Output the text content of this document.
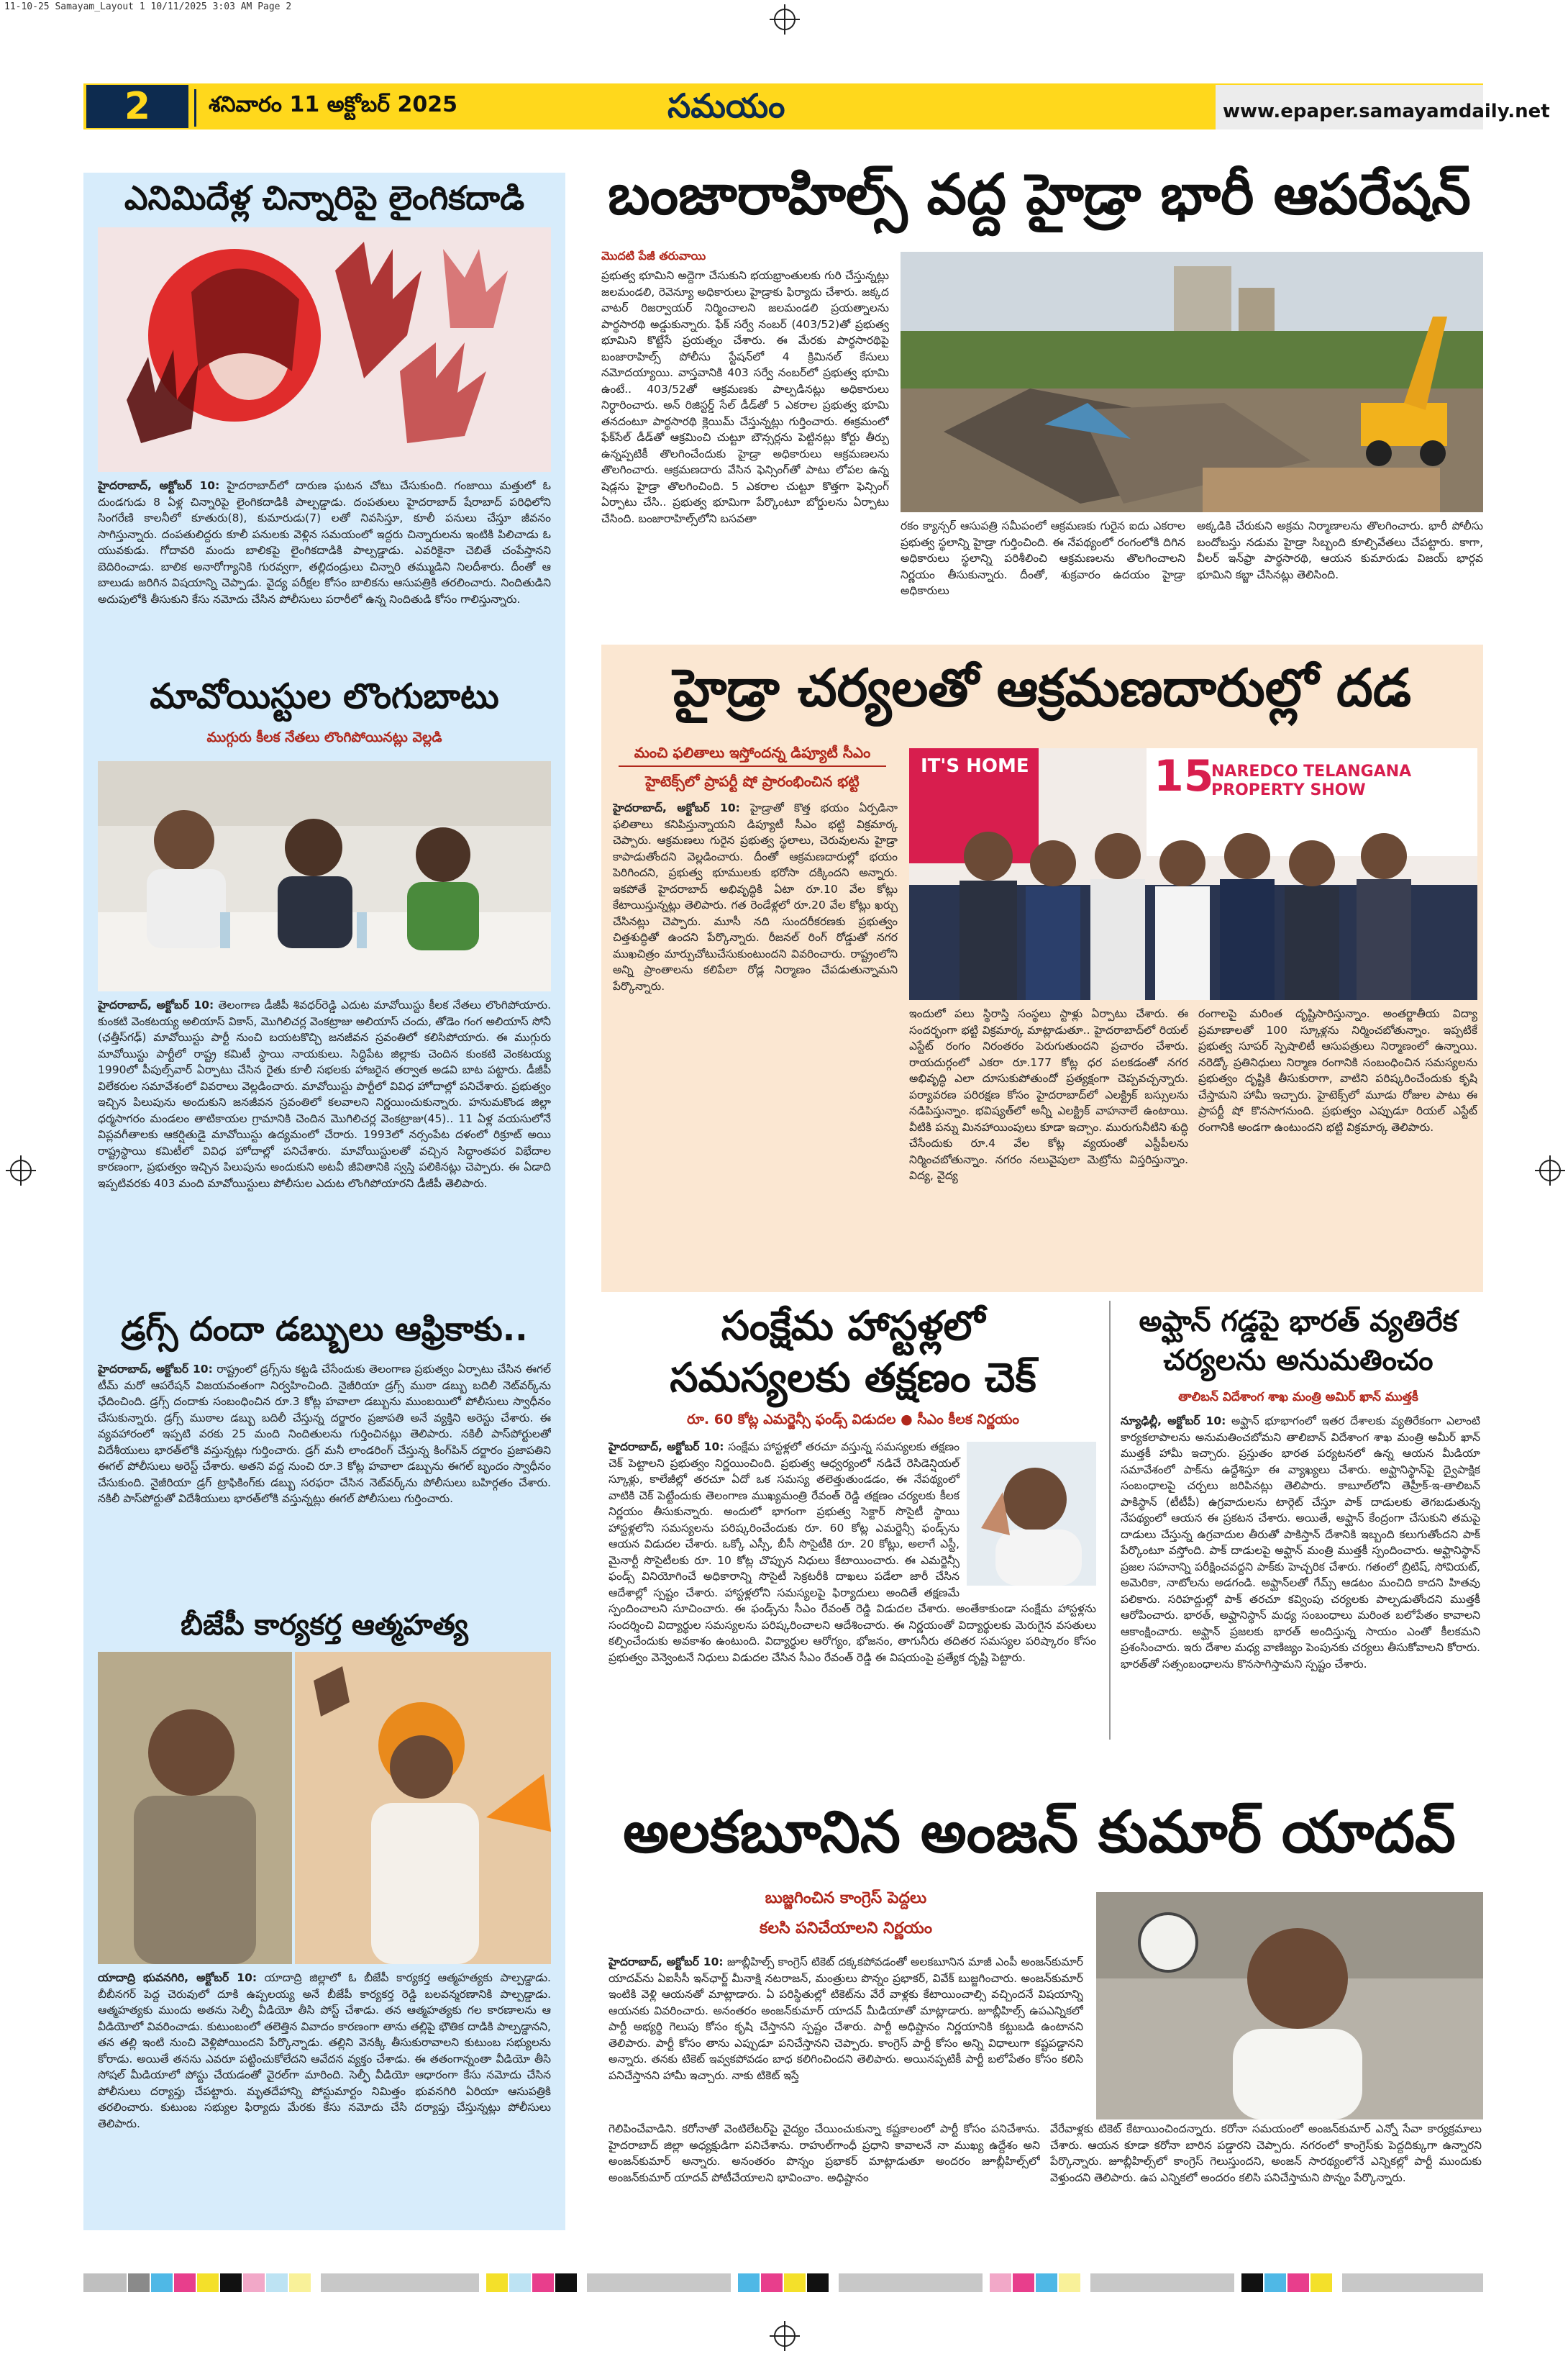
11-10-25 Samayam_Layout 1 10/11/2025 3:03 AM Page 2
2	శనివారం 11 అక్టోబర్ 2025	సమయం	www.epaper.samayamdaily.net
ఎనిమిదేళ్ల చిన్నారిపై లైంగికదాడి
హైదరాబాద్, అక్టోబర్ 10: హైదరాబాద్‌లో దారుణ ఘటన చోటు చేసుకుంది. గంజాయి మత్తులో ఓ దుండగుడు 8 ఏళ్ల చిన్నారిపై లైంగికదాడికి పాల్పడ్డాడు. దంపతులు హైదరాబాద్ షేరాబాద్ పరిధిలోని సింగరేణి కాలనీలో కూతురు(8), కుమారుడు(7) లతో నివసిస్తూ, కూలీ పనులు చేస్తూ జీవనం సాగిస్తున్నారు. దంపతులిద్దరు కూలీ పనులకు వెళ్లిన సమయంలో ఇద్దరు చిన్నారులను ఇంటికి పిలిచాడు ఓ యువకుడు. గోదావరి మందు బాలికపై లైంగికదాడికి పాల్పడ్డాడు. ఎవరికైనా చెబితే చంపేస్తానని బెదిరించాడు. బాలిక అనారోగ్యానికి గురవ్వగా, తల్లిదండ్రులు చిన్నారి తమ్ముడిని నిలదీశారు. దీంతో ఆ బాలుడు జరిగిన విషయాన్ని చెప్పాడు. వైద్య పరీక్షల కోసం బాలికను ఆసుపత్రికి తరలించారు. నిందితుడిని అదుపులోకి తీసుకుని కేసు నమోదు చేసిన పోలీసులు పరారీలో ఉన్న నిందితుడి కోసం గాలిస్తున్నారు.
మావోయిస్టుల లొంగుబాటు
ముగ్గురు కీలక నేతలు లొంగిపోయినట్లు వెల్లడి
హైదరాబాద్, అక్టోబర్ 10: తెలంగాణ డీజీపీ శివధర్‌రెడ్డి ఎదుట మావోయిస్టు కీలక నేతలు లొంగిపోయారు. కుంకటి వెంకటయ్య అలియాస్ వికాస్, మొగిలిచర్ల వెంకట్రాజు అలియాస్ చందు, తోడెం గంగ అలియాస్ సోనీ (ఛత్తీస్‌గఢ్) మావోయిస్టు పార్టీ నుంచి బయటకొచ్చి జనజీవన స్రవంతిలో కలిసిపోయారు. ఈ ముగ్గురు మావోయిస్టు పార్టీలో రాష్ట్ర కమిటీ స్థాయి నాయకులు. సిద్ధిపేట జిల్లాకు చెందిన కుంకటి వెంకటయ్య 1990లో పీపుల్స్‌వార్ ఏర్పాటు చేసిన రైతు కూలీ సభలకు హాజరైన తర్వాత అడవి బాట పట్టారు. డీజీపీ విలేకరుల సమావేశంలో వివరాలు వెల్లడించారు. మావోయిస్టు పార్టీలో వివిధ హోదాల్లో పనిచేశారు. ప్రభుత్వం ఇచ్చిన పిలుపును అందుకుని జనజీవన స్రవంతిలో కలవాలని నిర్ణయించుకున్నారు. హనుమకొండ జిల్లా ధర్మసాగరం మండలం తాటికాయల గ్రామానికి చెందిన మొగిలిచర్ల వెంకట్రాజు(45).. 11 ఏళ్ల వయసులోనే విప్లవగీతాలకు ఆకర్షితుడై మావోయిస్టు ఉద్యమంలో చేరారు. 1993లో నర్సంపేట దళంలో రిక్రూట్ అయి రాష్ట్రస్థాయి కమిటీలో వివిధ హోదాల్లో పనిచేశారు. మావోయిస్టులతో వచ్చిన సిద్ధాంతపర విభేదాల కారణంగా, ప్రభుత్వం ఇచ్చిన పిలుపును అందుకుని అటవీ జీవితానికి స్వస్తి పలికినట్లు చెప్పారు. ఈ ఏడాది ఇప్పటివరకు 403 మంది మావోయిస్టులు పోలీసుల ఎదుట లొంగిపోయారని డీజీపీ తెలిపారు.
డ్రగ్స్ దందా డబ్బులు ఆఫ్రికాకు..
హైదరాబాద్, అక్టోబర్ 10: రాష్ట్రంలో డ్రగ్స్‌ను కట్టడి చేసేందుకు తెలంగాణ ప్రభుత్వం ఏర్పాటు చేసిన ఈగల్ టీమ్ మరో ఆపరేషన్ విజయవంతంగా నిర్వహించింది. నైజీరియా డ్రగ్స్ ముఠా డబ్బు బదిలీ నెట్‌వర్క్‌ను ఛేదించింది. డ్రగ్స్ దందాకు సంబంధించిన రూ.3 కోట్ల హవాలా డబ్బును ముంబయిలో పోలీసులు స్వాధీనం చేసుకున్నారు. డ్రగ్స్ ముఠాల డబ్బు బదిలీ చేస్తున్న దర్జారం ప్రజాపతి అనే వ్యక్తిని అరెస్టు చేశారు. ఈ వ్యవహారంలో ఇప్పటి వరకు 25 మంది నిందితులను గుర్తించినట్లు తెలిపారు. నకిలీ పాస్‌పోర్టులతో విదేశీయులు భారత్‌లోకి వస్తున్నట్లు గుర్తించారు. డ్రగ్ మనీ లాండరింగ్ చేస్తున్న కింగ్‌పిన్ దర్జారం ప్రజాపతిని ఈగల్ పోలీసులు అరెస్ట్ చేశారు. అతని వద్ద నుంచి రూ.3 కోట్ల హవాలా డబ్బును ఈగల్ బృందం స్వాధీనం చేసుకుంది. నైజీరియా డ్రగ్ ట్రాఫికింగ్‌కు డబ్బు సరఫరా చేసిన నెట్‌వర్క్‌ను పోలీసులు బహిర్గతం చేశారు. నకిలీ పాస్‌పోర్టుతో విదేశీయులు భారత్‌లోకి వస్తున్నట్లు ఈగల్ పోలీసులు గుర్తించారు.
బీజేపీ కార్యకర్త ఆత్మహత్య
యాదాద్రి భువనగిరి, అక్టోబర్ 10: యాదాద్రి జిల్లాలో ఓ బీజేపీ కార్యకర్త ఆత్మహత్యకు పాల్పడ్డాడు. బీబీనగర్ పెద్ద చెరువులో దూకి ఉప్పలయ్య అనే బీజేపీ కార్యకర్త రెడ్డి బలవన్మరణానికి పాల్పడ్డాడు. ఆత్మహత్యకు ముందు అతను సెల్ఫీ వీడియో తీసి పోస్ట్ చేశాడు. తన ఆత్మహత్యకు గల కారణాలను ఆ వీడియోలో వివరించాడు. కుటుంబంలో తలెత్తిన వివాదం కారణంగా తాను తల్లిపై భౌతిక దాడికి పాల్పడ్డానని, తన తల్లి ఇంటి నుంచి వెళ్లిపోయిందని పేర్కొన్నాడు. తల్లిని వెనక్కి తీసుకురావాలని కుటుంబ సభ్యులను కోరాడు. అయితే తనను ఎవరూ పట్టించుకోలేదని ఆవేదన వ్యక్తం చేశాడు. ఈ తతంగాన్నంతా వీడియో తీసి సోషల్ మీడియాలో పోస్టు చేయడంతో వైరల్‌గా మారింది. సెల్ఫీ వీడియో ఆధారంగా కేసు నమోదు చేసిన పోలీసులు దర్యాప్తు చేపట్టారు. మృతదేహాన్ని పోస్టుమార్టం నిమిత్తం భువనగిరి ఏరియా ఆసుపత్రికి తరలించారు. కుటుంబ సభ్యుల ఫిర్యాదు మేరకు కేసు నమోదు చేసి దర్యాప్తు చేస్తున్నట్లు పోలీసులు తెలిపారు.
బంజారాహిల్స్ వద్ద హైడ్రా భారీ ఆపరేషన్
మొదటి పేజీ తరువాయి
ప్రభుత్వ భూమిని అద్దెగా చేసుకుని భయభ్రాంతులకు గురి చేస్తున్నట్లు జలమండలి, రెవెన్యూ అధికారులు హైడ్రాకు ఫిర్యాదు చేశారు. జక్కద వాటర్ రిజర్వాయర్ నిర్మించాలని జలమండలి ప్రయత్నాలను పార్థసారథి అడ్డుకున్నారు. ఫేక్ సర్వే నంబర్ (403/52)తో ప్రభుత్వ భూమిని కొట్టేసే ప్రయత్నం చేశారు. ఈ మేరకు పార్థసారథిపై బంజారాహిల్స్ పోలీసు స్టేషన్‌లో 4 క్రిమినల్ కేసులు నమోదయ్యాయి. వాస్తవానికి 403 సర్వే నంబర్‌లో ప్రభుత్వ భూమి ఉంటే.. 403/52తో ఆక్రమణకు పాల్పడినట్లు అధికారులు నిర్ధారించారు. అన్ రిజిస్టర్డ్ సేల్ డీడ్‌తో 5 ఎకరాల ప్రభుత్వ భూమి తనదంటూ పార్థసారథి క్లెయిమ్ చేస్తున్నట్లు గుర్తించారు. ఈక్రమంలో ఫేక్‌సేల్ డీడ్‌తో ఆక్రమించి చుట్టూ బౌన్సర్లను పెట్టినట్లు కోర్టు తీర్పు ఉన్నప్పటికీ తొలగించేందుకు హైడ్రా అధికారులు ఆక్రమణలను తొలగించారు. ఆక్రమణదారు వేసిన ఫెన్సింగ్‌తో పాటు లోపల ఉన్న షెడ్లను హైడ్రా తొలగించింది. 5 ఎకరాల చుట్టూ కొత్తగా ఫెన్సింగ్ ఏర్పాటు చేసి.. ప్రభుత్వ భూమిగా పేర్కొంటూ బోర్డులను ఏర్పాటు చేసింది. బంజారాహిల్స్‌లోని బసవతా
రకం క్యాన్సర్ ఆసుపత్రి సమీపంలో ఆక్రమణకు గురైన ఐదు ఎకరాల ప్రభుత్వ స్థలాన్ని హైడ్రా గుర్తించింది. ఈ నేపథ్యంలో రంగంలోకి దిగిన అధికారులు స్థలాన్ని పరిశీలించి ఆక్రమణలను తొలగించాలని నిర్ణయం తీసుకున్నారు. దీంతో, శుక్రవారం ఉదయం హైడ్రా అధికారులు
అక్కడికి చేరుకుని అక్రమ నిర్మాణాలను తొలగించారు. భారీ పోలీసు బందోబస్తు నడుమ హైడ్రా సిబ్బంది కూల్చివేతలు చేపట్టారు. కాగా, వీలర్ ఇన్‌ఫ్రా పార్థసారథి, ఆయన కుమారుడు విజయ్ భార్గవ భూమిని కబ్జా చేసినట్లు తెలిసింది.
హైడ్రా చర్యలతో ఆక్రమణదారుల్లో దడ
మంచి ఫలితాలు ఇస్తోందన్న డిప్యూటీ సీఎం
హైటెక్స్‌లో ప్రాపర్టీ షో ప్రారంభించిన భట్టి
హైదరాబాద్, అక్టోబర్ 10: హైడ్రాతో కొత్త భయం ఏర్పడినా ఫలితాలు కనిపిస్తున్నాయని డిప్యూటీ సీఎం భట్టి విక్రమార్క చెప్పారు. ఆక్రమణలు గురైన ప్రభుత్వ స్థలాలు, చెరువులను హైడ్రా కాపాడుతోందని వెల్లడించారు. దీంతో ఆక్రమణదారుల్లో భయం పెరిగిందని, ప్రభుత్వ భూములకు భరోసా దక్కిందని అన్నారు. ఇకపోతే హైదరాబాద్ అభివృద్ధికి ఏటా రూ.10 వేల కోట్లు కేటాయిస్తున్నట్లు తెలిపారు. గత రెండేళ్లలో రూ.20 వేల కోట్లు ఖర్చు చేసినట్లు చెప్పారు. మూసీ నది సుందరీకరణకు ప్రభుత్వం చిత్తశుద్ధితో ఉందని పేర్కొన్నారు. రీజనల్ రింగ్ రోడ్డుతో నగర ముఖచిత్రం మార్పుచోటుచేసుకుంటుందని వివరించారు. రాష్ట్రంలోని అన్ని ప్రాంతాలను కలిపేలా రోడ్ల నిర్మాణం చేపడుతున్నామని పేర్కొన్నారు.
IT'S HOME	15
NAREDCO TELANGANA PROPERTY SHOW
ఇందులో పలు స్థిరాస్తి సంస్థలు స్టాళ్లు ఏర్పాటు చేశారు. ఈ సందర్భంగా భట్టి విక్రమార్క మాట్లాడుతూ.. హైదరాబాద్‌లో రియల్ ఎస్టేట్ రంగం నిరంతరం పెరుగుతుందని ప్రచారం చేశారు. రాయదుర్గంలో ఎకరా రూ.177 కోట్ల ధర పలకడంతో నగర అభివృద్ధి ఎలా దూసుకుపోతుందో ప్రత్యక్షంగా చెప్పవచ్చన్నారు. పర్యావరణ పరిరక్షణ కోసం హైదరాబాద్‌లో ఎలక్ట్రిక్ బస్సులను నడిపిస్తున్నాం. భవిష్యత్‌లో అన్నీ ఎలక్ట్రిక్ వాహనాలే ఉంటాయి. వీటికి పన్ను మినహాయింపులు కూడా ఇచ్చాం. మురుగునీటిని శుద్ధి చేసేందుకు రూ.4 వేల కోట్ల వ్యయంతో ఎస్టీపీలను నిర్మించబోతున్నాం. నగరం నలువైపులా మెట్రోను విస్తరిస్తున్నాం. విద్య, వైద్య
రంగాలపై మరింత దృష్టిసారిస్తున్నాం. అంతర్జాతీయ విద్యా ప్రమాణాలతో 100 స్కూళ్లను నిర్మించబోతున్నాం. ఇప్పటికే ప్రభుత్వ సూపర్ స్పెషాలిటీ ఆసుపత్రులు నిర్మాణంలో ఉన్నాయి. నరెడ్కో ప్రతినిధులు నిర్మాణ రంగానికి సంబంధించిన సమస్యలను ప్రభుత్వం దృష్టికి తీసుకురాగా, వాటిని పరిష్కరించేందుకు కృషి చేస్తామని హామీ ఇచ్చారు. హైటెక్స్‌లో మూడు రోజుల పాటు ఈ ప్రాపర్టీ షో కొనసాగనుంది. ప్రభుత్వం ఎప్పుడూ రియల్ ఎస్టేట్ రంగానికి అండగా ఉంటుందని భట్టి విక్రమార్క తెలిపారు.
సంక్షేమ హాస్టళ్లలో
సమస్యలకు తక్షణం చెక్
రూ. 60 కోట్ల ఎమర్జెన్సీ ఫండ్స్ విడుదల ● సీఎం కీలక నిర్ణయం
హైదరాబాద్, అక్టోబర్ 10: సంక్షేమ హాస్టళ్లలో తరచూ వస్తున్న సమస్యలకు తక్షణం చెక్ పెట్టాలని ప్రభుత్వం నిర్ణయించింది. ప్రభుత్వ ఆధ్వర్యంలో నడిచే రెసిడెన్షియల్ స్కూళ్లు, కాలేజీల్లో తరచూ ఏదో ఒక సమస్య తలెత్తుతుండడం, ఈ నేపథ్యంలో వాటికి చెక్ పెట్టేందుకు తెలంగాణ ముఖ్యమంత్రి రేవంత్ రెడ్డి తక్షణం చర్యలకు కీలక నిర్ణయం తీసుకున్నారు. అందులో భాగంగా ప్రభుత్వ సెక్టార్ సొసైటీ స్థాయి హాస్టళ్లలోని సమస్యలను పరిష్కరించేందుకు రూ. 60 కోట్ల ఎమర్జెన్సీ ఫండ్స్‌ను ఆయన విడుదల చేశారు. ఒక్కో ఎస్సీ, బీసీ సొసైటీకి రూ. 20 కోట్లు, అలాగే ఎస్టీ, మైనార్టీ సొసైటీలకు రూ. 10 కోట్ల చొప్పున నిధులు కేటాయించారు. ఈ ఎమర్జెన్సీ ఫండ్స్ వినియోగించే అధికారాన్ని సొసైటీ సెక్రటరీకి దాఖలు పడేలా జారీ చేసిన ఆదేశాల్లో స్పష్టం చేశారు. హాస్టళ్లలోని సమస్యలపై ఫిర్యాదులు అందితే తక్షణమే స్పందించాలని సూచించారు. ఈ ఫండ్స్‌ను సీఎం రేవంత్ రెడ్డి విడుదల చేశారు. అంతేకాకుండా సంక్షేమ హాస్టళ్లను సందర్శించి విద్యార్థుల సమస్యలను పరిష్కరించాలని ఆదేశించారు. ఈ నిర్ణయంతో విద్యార్థులకు మెరుగైన వసతులు కల్పించేందుకు అవకాశం ఉంటుంది. విద్యార్థుల ఆరోగ్యం, భోజనం, తాగునీరు తదితర సమస్యల పరిష్కారం కోసం ప్రభుత్వం వెన్వెంటనే నిధులు విడుదల చేసిన సీఎం రేవంత్ రెడ్డి ఈ విషయంపై ప్రత్యేక దృష్టి పెట్టారు.
అఫ్ఘాన్ గడ్డపై భారత్ వ్యతిరేక
చర్యలను అనుమతించం
తాలిబన్ విదేశాంగ శాఖ మంత్రి అమిర్ ఖాన్ ముత్తకీ
న్యూఢిల్లీ, అక్టోబర్ 10: అఫ్ఘాన్ భూభాగంలో ఇతర దేశాలకు వ్యతిరేకంగా ఎలాంటి కార్యకలాపాలను అనుమతించబోమని తాలిబాన్ విదేశాంగ శాఖ మంత్రి అమీర్ ఖాన్ ముత్తకీ హామీ ఇచ్చారు. ప్రస్తుతం భారత పర్యటనలో ఉన్న ఆయన మీడియా సమావేశంలో పాక్‌ను ఉద్దేశిస్తూ ఈ వ్యాఖ్యలు చేశారు. అఫ్ఘానిస్థాన్‌పై ద్వైపాక్షిక సంబంధాలపై చర్చలు జరిపినట్లు తెలిపారు. కాబూల్‌లోని తెహ్రీక్-ఇ-తాలిబన్ పాకిస్థాన్ (టీటీపీ) ఉగ్రవాదులను టార్గెట్ చేస్తూ పాక్ దాడులకు తెగబడుతున్న నేపథ్యంలో ఆయన ఈ ప్రకటన చేశారు. అయితే, అఫ్ఘాన్ కేంద్రంగా చేసుకుని తమపై దాడులు చేస్తున్న ఉగ్రవాదుల తీరుతో పాకిస్తాన్ దేశానికి ఇబ్బంది కలుగుతోందని పాక్ పేర్కొంటూ వస్తోంది. పాక్ దాడులపై అఫ్ఘాన్ మంత్రి ముత్తకీ స్పందించారు. అఫ్ఘానిస్థాన్ ప్రజల సహనాన్ని పరీక్షించవద్దని పాక్‌కు హెచ్చరిక చేశారు. గతంలో బ్రిటిష్, సోవియట్, అమెరికా, నాటోలను అడగండి. అఫ్ఘాన్‌లతో గేమ్స్ ఆడటం మంచిది కాదని హితవు పలికారు. సరిహద్దుల్లో పాక్ తరచూ కవ్వింపు చర్యలకు పాల్పడుతోందని ముత్తకీ ఆరోపించారు. భారత్, అఫ్ఘానిస్థాన్ మధ్య సంబంధాలు మరింత బలోపేతం కావాలని ఆకాంక్షించారు. అఫ్ఘాన్ ప్రజలకు భారత్ అందిస్తున్న సాయం ఎంతో కీలకమని ప్రశంసించారు. ఇరు దేశాల మధ్య వాణిజ్యం పెంపునకు చర్యలు తీసుకోవాలని కోరారు. భారత్‌తో సత్సంబంధాలను కొనసాగిస్తామని స్పష్టం చేశారు.
అలకబూనిన అంజన్ కుమార్ యాదవ్
బుజ్జగించిన కాంగ్రెస్ పెద్దలు
కలసి పనిచేయాలని నిర్ణయం
హైదరాబాద్, అక్టోబర్ 10: జూబ్లీహిల్స్ కాంగ్రెస్ టికెట్ దక్కకపోవడంతో అలకబూనిన మాజీ ఎంపీ అంజన్‌కుమార్ యాదవ్‌ను ఏఐసీసీ ఇన్‌ఛార్జ్ మీనాక్షి నటరాజన్, మంత్రులు పొన్నం ప్రభాకర్, వివేక్ బుజ్జగించారు. అంజన్‌కుమార్ ఇంటికి వెళ్లి ఆయనతో మాట్లాడారు. ఏ పరిస్థితుల్లో టికెట్‌ను వేరే వాళ్లకు కేటాయించాల్సి వచ్చిందనే విషయాన్ని ఆయనకు వివరించారు. అనంతరం అంజన్‌కుమార్ యాదవ్ మీడియాతో మాట్లాడారు. జూబ్లీహిల్స్ ఉపఎన్నికలో పార్టీ అభ్యర్థి గెలుపు కోసం కృషి చేస్తానని స్పష్టం చేశారు. పార్టీ అధిష్టానం నిర్ణయానికి కట్టుబడి ఉంటానని తెలిపారు. పార్టీ కోసం తాను ఎప్పుడూ పనిచేస్తానని చెప్పారు. కాంగ్రెస్ పార్టీ కోసం అన్ని విధాలుగా కష్టపడ్డానని అన్నారు. తనకు టికెట్ ఇవ్వకపోవడం బాధ కలిగించిందని తెలిపారు. అయినప్పటికీ పార్టీ బలోపేతం కోసం కలిసి పనిచేస్తానని హామీ ఇచ్చారు. నాకు టికెట్ ఇస్తే
గెలిపించేవాడిని. కరోనాతో వెంటిలేటర్‌పై వైద్యం చేయించుకున్నా కష్టకాలంలో పార్టీ కోసం పనిచేశాను. హైదరాబాద్ జిల్లా అధ్యక్షుడిగా పనిచేశాను. రాహుల్‌గాంధీ ప్రధాని కావాలనే నా ముఖ్య ఉద్దేశం అని అంజన్‌కుమార్ అన్నారు. అనంతరం పొన్నం ప్రభాకర్ మాట్లాడుతూ అందరం జూబ్లీహిల్స్‌లో అంజన్‌కుమార్ యాదవ్ పోటీచేయాలని భావించాం. అధిష్టానం
వేరేవాళ్లకు టికెట్ కేటాయించిందన్నారు. కరోనా సమయంలో అంజన్‌కుమార్ ఎన్నో సేవా కార్యక్రమాలు చేశారు. ఆయన కూడా కరోనా బారిన పడ్డారని చెప్పారు. నగరంలో కాంగ్రెస్‌కు పెద్దదిక్కుగా ఉన్నారని పేర్కొన్నారు. జూబ్లీహిల్స్‌లో కాంగ్రెస్ గెలుస్తుందని, అంజన్ సారథ్యంలోనే ఎన్నికల్లో పార్టీ ముందుకు వెళ్తుందని తెలిపారు. ఉప ఎన్నికలో అందరం కలిసి పనిచేస్తామని పొన్నం పేర్కొన్నారు.
